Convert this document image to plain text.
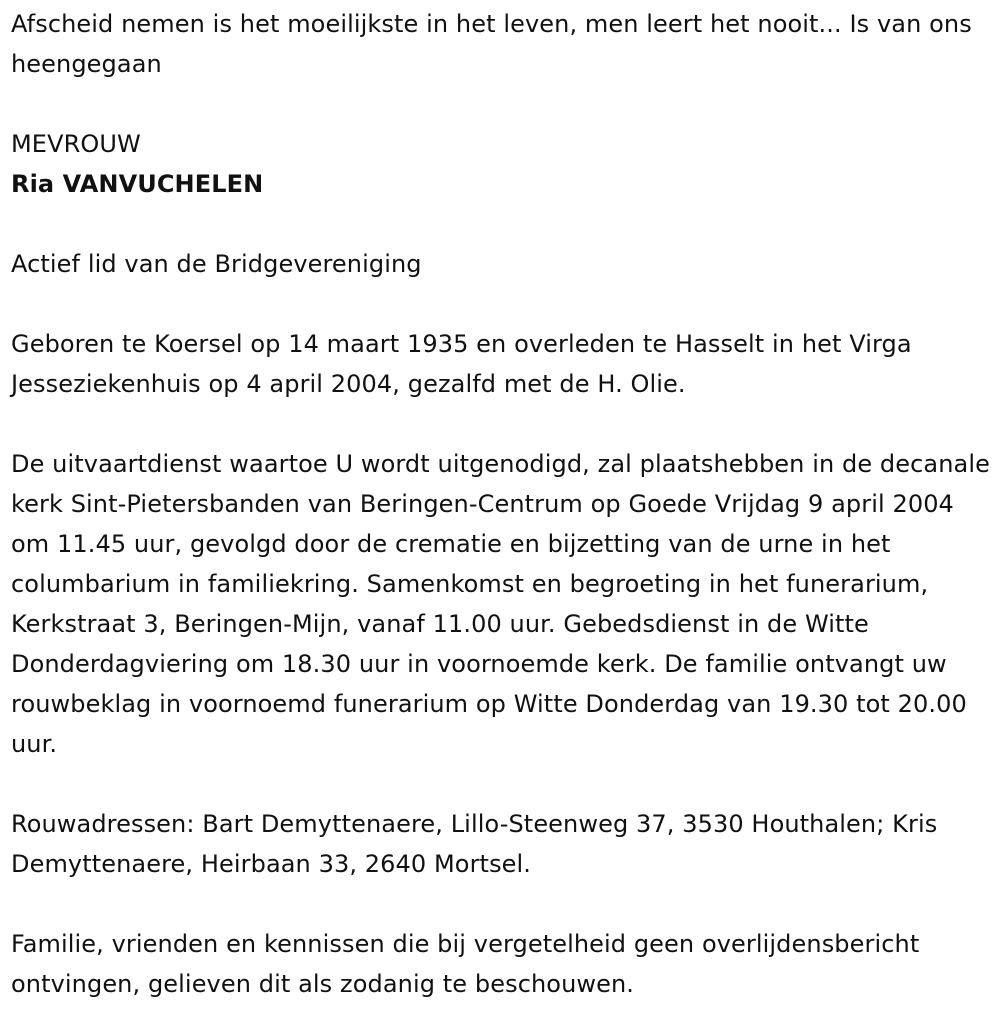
Afscheid nemen is het moeilijkste in het leven, men leert het nooit... Is van ons heengegaan

MEVROUW

Ria VANVUCHELEN

Actief lid van de Bridgevereniging

Geboren te Koersel op 14 maart 1935 en overleden te Hasselt in het Virga Jesseziekenhuis op 4 april 2004, gezalfd met de H. Olie.

De uitvaartdienst waartoe U wordt uitgenodigd, zal plaatshebben in de decanale kerk Sint-Pietersbanden van Beringen-Centrum op Goede Vrijdag 9 april 2004 om 11.45 uur, gevolgd door de crematie en bijzetting van de urne in het columbarium in familiekring. Samenkomst en begroeting in het funerarium, Kerkstraat 3, Beringen-Mijn, vanaf 11.00 uur. Gebedsdienst in de Witte Donderdagviering om 18.30 uur in voornoemde kerk. De familie ontvangt uw rouwbeklag in voornoemd funerarium op Witte Donderdag van 19.30 tot 20.00 uur.

Rouwadressen: Bart Demyttenaere, Lillo-Steenweg 37, 3530 Houthalen; Kris Demyttenaere, Heirbaan 33, 2640 Mortsel.

Familie, vrienden en kennissen die bij vergetelheid geen overlijdensbericht ontvingen, gelieven dit als zodanig te beschouwen.
